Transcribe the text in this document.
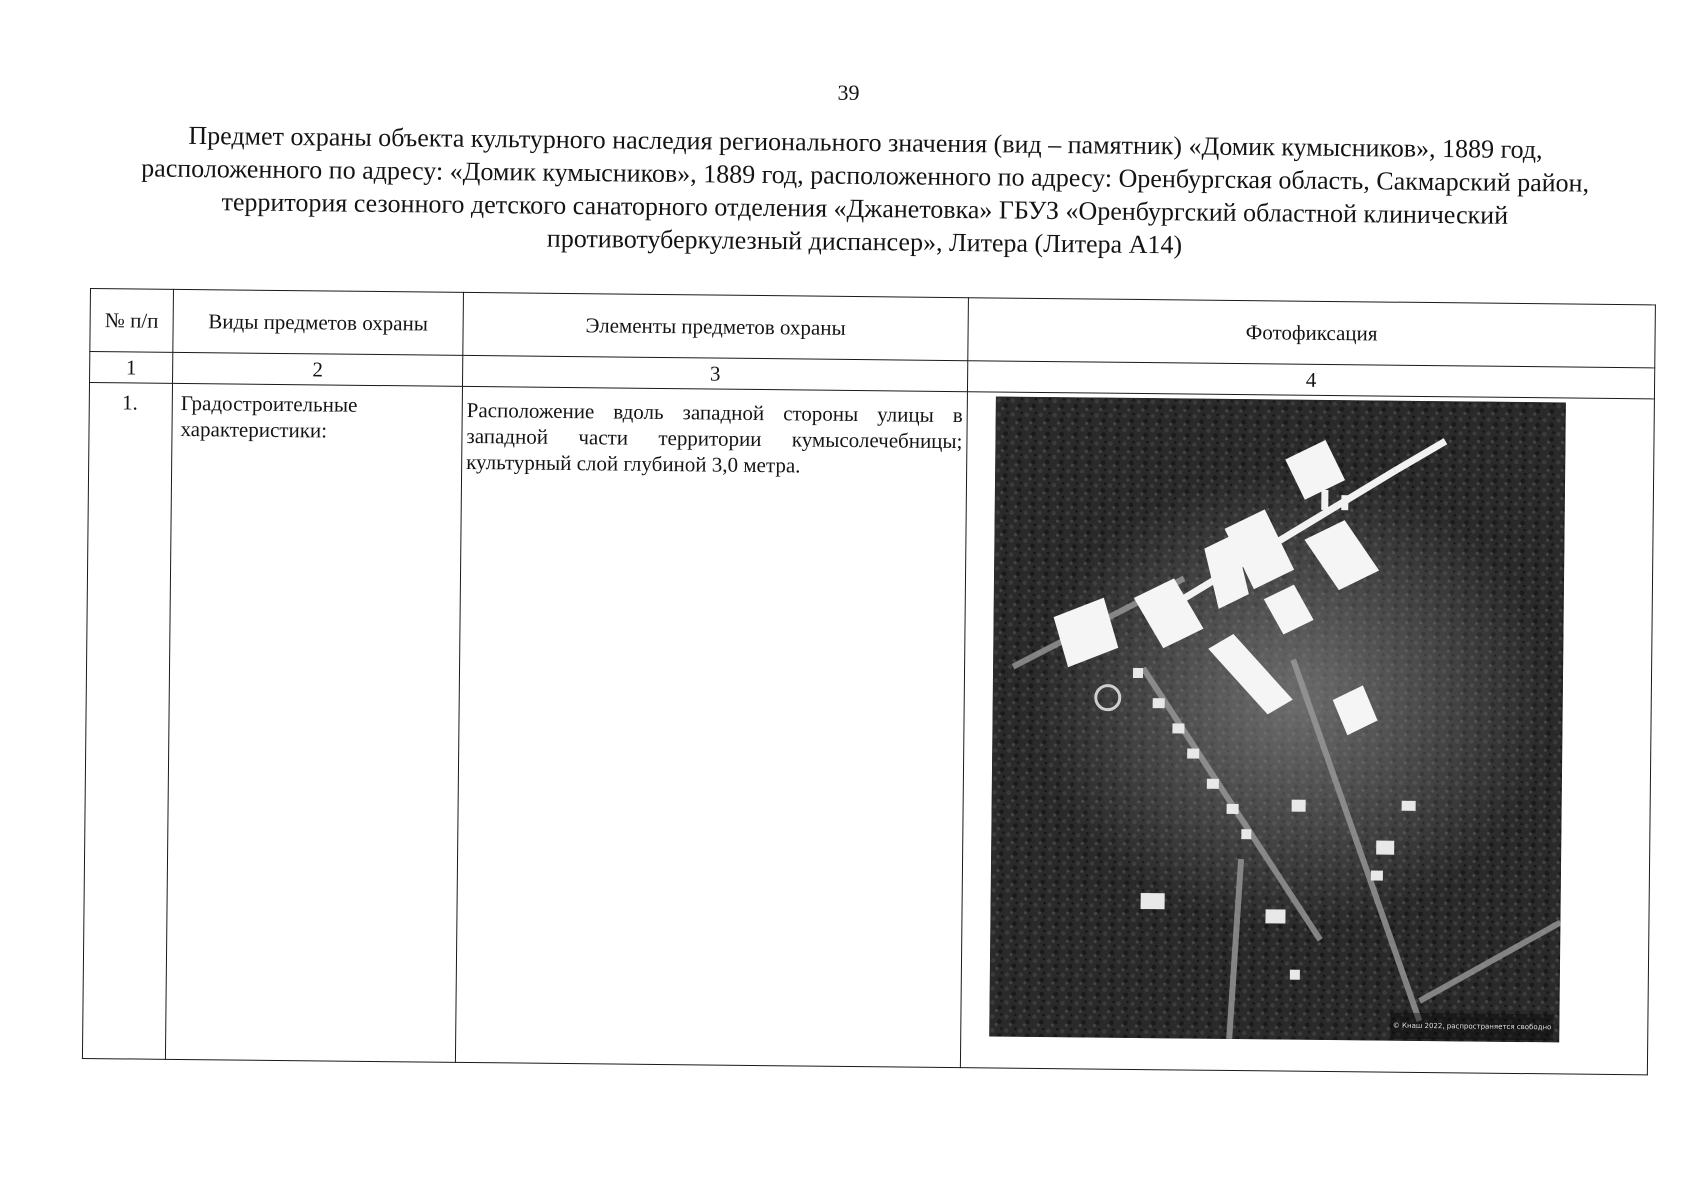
39
Предмет охраны объекта культурного наследия регионального значения (вид – памятник) «Домик кумысников», 1889 год, расположенного по адресу: «Домик кумысников», 1889 год, расположенного по адресу: Оренбургская область, Сакмарский район, территория сезонного детского санаторного отделения «Джанетовка» ГБУЗ «Оренбургский областной клинический противотуберкулезный диспансер», Литера (Литера А14)
№ п/п	Виды предметов охраны	Элементы предметов охраны	Фотофиксация
1	2	3	4
1.	Градостроительные характеристики:	Расположение вдоль западной стороны улицы в западной части территории кумысолечебницы; культурный слой глубиной 3,0 метра.	© Кнаш 2022, распространяется свободно
